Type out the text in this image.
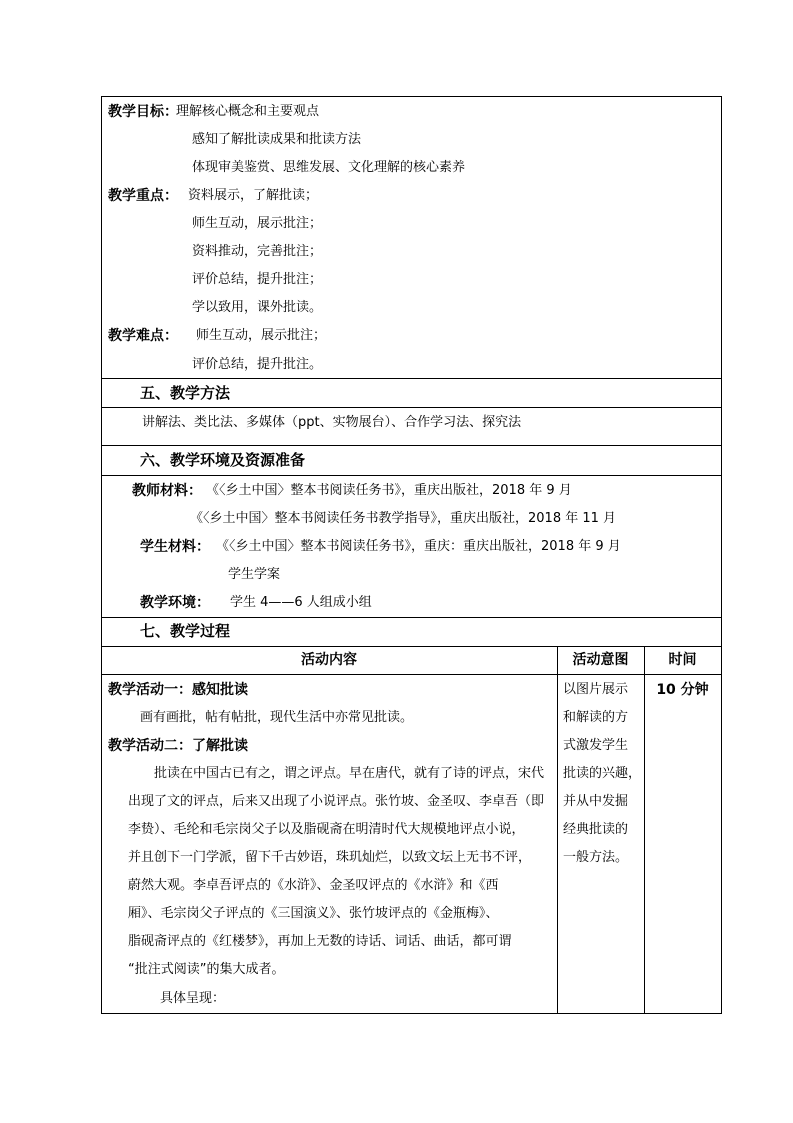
教学目标：
理解核心概念和主要观点
感知了解批读成果和批读方法
体现审美鉴赏、思维发展、文化理解的核心素养
教学重点： 资料展示，了解批读；
师生互动，展示批注；
资料推动，完善批注；
评价总结，提升批注；
学以致用，课外批读。
教学难点： 师生互动，展示批注；
评价总结，提升批注。
五、教学方法
讲解法、类比法、多媒体（ppt、实物展台）、合作学习法、探究法
六、教学环境及资源准备
教师材料： 《〈乡土中国〉整本书阅读任务书》，重庆出版社，2018 年 9 月
《〈乡土中国〉整本书阅读任务书教学指导》，重庆出版社，2018 年 11 月
学生材料： 《〈乡土中国〉整本书阅读任务书》，重庆：重庆出版社，2018 年 9 月
学生学案
教学环境： 学生 4——6 人组成小组
七、教学过程
活动内容	活动意图	时间
教学活动一：感知批读
画有画批，帖有帖批，现代生活中亦常见批读。
教学活动二：了解批读
批读在中国古已有之，谓之评点。早在唐代，就有了诗的评点，宋代
出现了文的评点，后来又出现了小说评点。张竹坡、金圣叹、李卓吾（即
李贽）、毛纶和毛宗岗父子以及脂砚斋在明清时代大规模地评点小说，
并且创下一门学派，留下千古妙语，珠玑灿烂，以致文坛上无书不评，
蔚然大观。李卓吾评点的《水浒》、金圣叹评点的《水浒》和《西
厢》、毛宗岗父子评点的《三国演义》、张竹坡评点的《金瓶梅》、
脂砚斋评点的《红楼梦》，再加上无数的诗话、词话、曲话，都可谓
“批注式阅读”的集大成者。
具体呈现：
以图片展示
和解读的方
式激发学生
批读的兴趣，
并从中发掘
经典批读的
一般方法。
10 分钟
